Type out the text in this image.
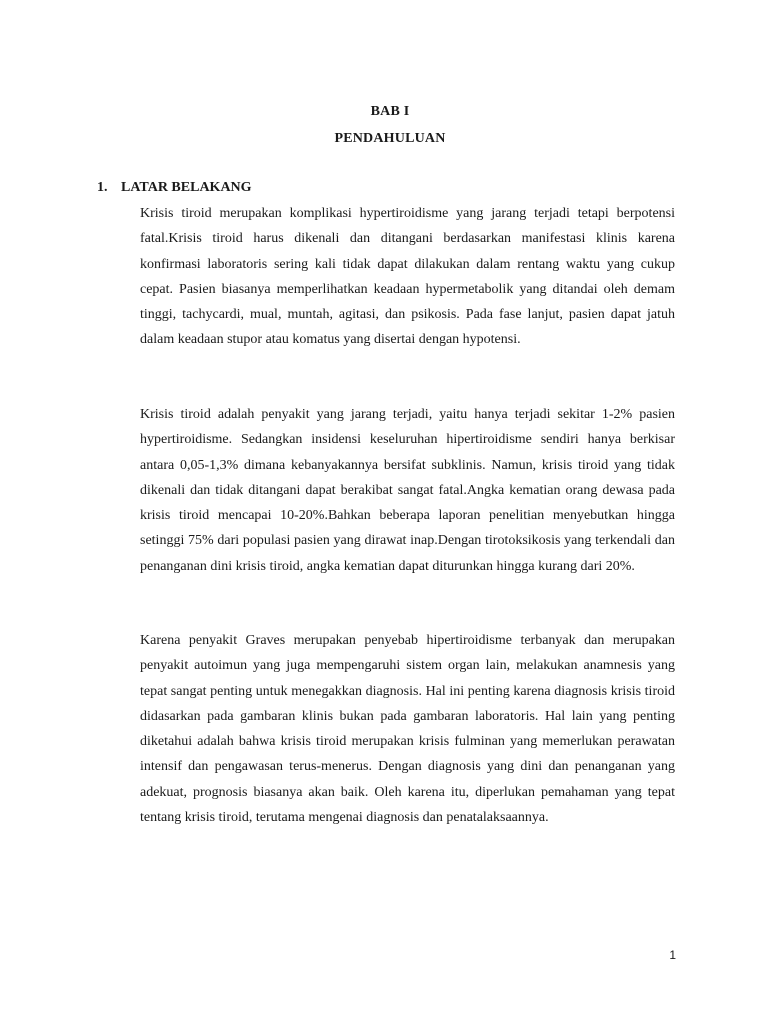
BAB I
PENDAHULUAN
1. LATAR BELAKANG

Krisis tiroid merupakan komplikasi hypertiroidisme yang jarang terjadi tetapi berpotensi fatal.Krisis tiroid harus dikenali dan ditangani berdasarkan manifestasi klinis karena konfirmasi laboratoris sering kali tidak dapat dilakukan dalam rentang waktu yang cukup cepat. Pasien biasanya memperlihatkan keadaan hypermetabolik yang ditandai oleh demam tinggi, tachycardi, mual, muntah, agitasi, dan psikosis. Pada fase lanjut, pasien dapat jatuh dalam keadaan stupor atau komatus yang disertai dengan hypotensi.

Krisis tiroid adalah penyakit yang jarang terjadi, yaitu hanya terjadi sekitar 1-2% pasien hypertiroidisme. Sedangkan insidensi keseluruhan hipertiroidisme sendiri hanya berkisar antara 0,05-1,3% dimana kebanyakannya bersifat subklinis. Namun, krisis tiroid yang tidak dikenali dan tidak ditangani dapat berakibat sangat fatal.Angka kematian orang dewasa pada krisis tiroid mencapai 10-20%.Bahkan beberapa laporan penelitian menyebutkan hingga setinggi 75% dari populasi pasien yang dirawat inap.Dengan tirotoksikosis yang terkendali dan penanganan dini krisis tiroid, angka kematian dapat diturunkan hingga kurang dari 20%.

Karena penyakit Graves merupakan penyebab hipertiroidisme terbanyak dan merupakan penyakit autoimun yang juga mempengaruhi sistem organ lain, melakukan anamnesis yang tepat sangat penting untuk menegakkan diagnosis. Hal ini penting karena diagnosis krisis tiroid didasarkan pada gambaran klinis bukan pada gambaran laboratoris. Hal lain yang penting diketahui adalah bahwa krisis tiroid merupakan krisis fulminan yang memerlukan perawatan intensif dan pengawasan terus-menerus. Dengan diagnosis yang dini dan penanganan yang adekuat, prognosis biasanya akan baik. Oleh karena itu, diperlukan pemahaman yang tepat tentang krisis tiroid, terutama mengenai diagnosis dan penatalaksaannya.

1
